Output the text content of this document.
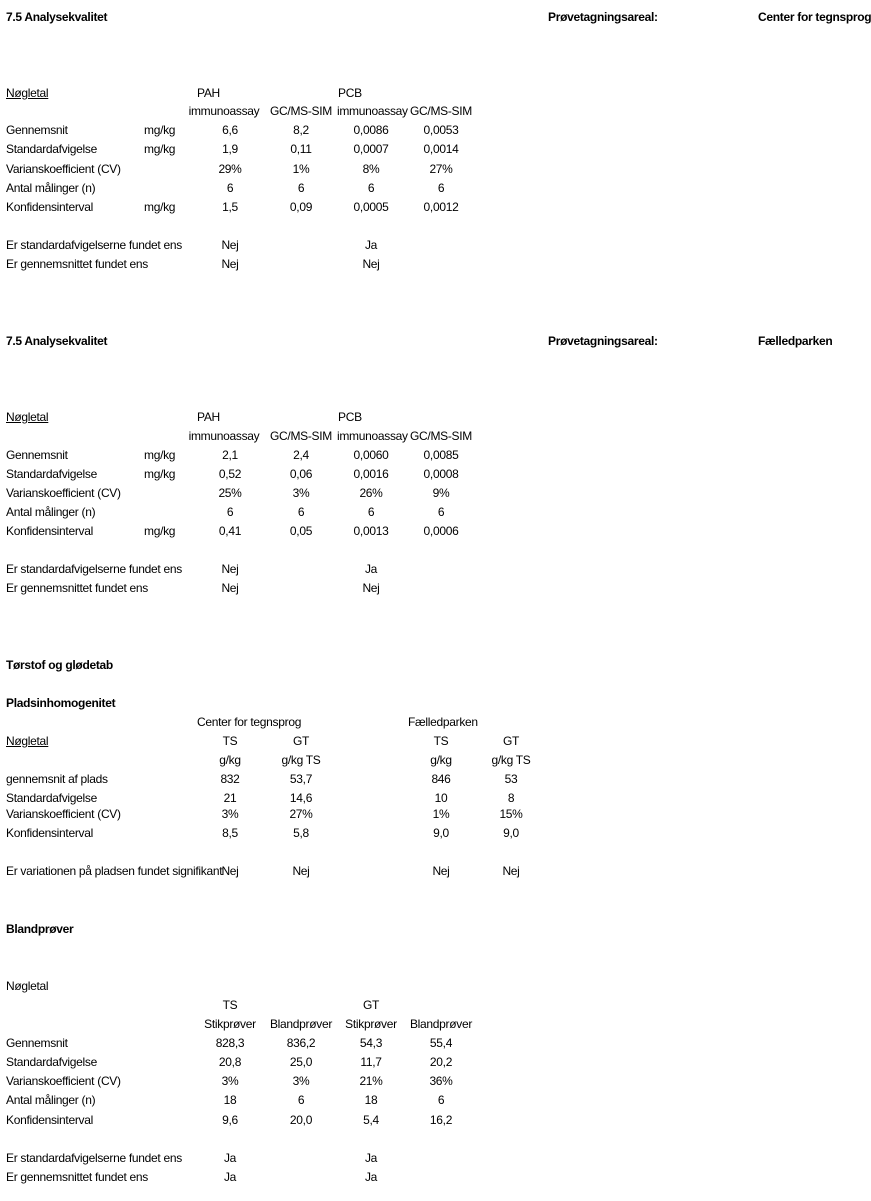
7.5 Analysekvalitet	Prøvetagningsareal:	Center for tegnsprog
Nøgletal	PAH	PCB
immunoassay GC/MS-SIM immunoassay GC/MS-SIM
Gennemsnit	mg/kg	6,6	8,2	0,0086	0,0053
Standardafvigelse	mg/kg	1,9	0,11	0,0007	0,0014
Varianskoefficient (CV)	29%	1%	8%	27%
Antal målinger (n)	6	6	6	6
Konfidensinterval	mg/kg	1,5	0,09	0,0005	0,0012
Er standardafvigelserne fundet ens	Nej	Ja
Er gennemsnittet fundet ens	Nej	Nej
7.5 Analysekvalitet	Prøvetagningsareal:	Fælledparken
Nøgletal	PAH	PCB
immunoassay GC/MS-SIM immunoassay GC/MS-SIM
Gennemsnit	mg/kg	2,1	2,4	0,0060	0,0085
Standardafvigelse	mg/kg	0,52	0,06	0,0016	0,0008
Varianskoefficient (CV)	25%	3%	26%	9%
Antal målinger (n)	6	6	6	6
Konfidensinterval	mg/kg	0,41	0,05	0,0013	0,0006
Er standardafvigelserne fundet ens	Nej	Ja
Er gennemsnittet fundet ens	Nej	Nej
Tørstof og glødetab
Pladsinhomogenitet
Center for tegnsprog	Fælledparken
Nøgletal	TS	GT	TS	GT
g/kg	g/kg TS	g/kg	g/kg TS
gennemsnit af plads	832	53,7	846	53
Standardafvigelse	21	14,6	10	8
Varianskoefficient (CV)	3%	27%	1%	15%
Konfidensinterval	8,5	5,8	9,0	9,0
Er variationen på pladsen fundet signifikant Nej	Nej	Nej	Nej
Blandprøver
Nøgletal
TS	GT
Stikprøver	Blandprøver	Stikprøver	Blandprøver
Gennemsnit	828,3	836,2	54,3	55,4
Standardafvigelse	20,8	25,0	11,7	20,2
Varianskoefficient (CV)	3%	3%	21%	36%
Antal målinger (n)	18	6	18	6
Konfidensinterval	9,6	20,0	5,4	16,2
Er standardafvigelserne fundet ens	Ja	Ja
Er gennemsnittet fundet ens	Ja	Ja
